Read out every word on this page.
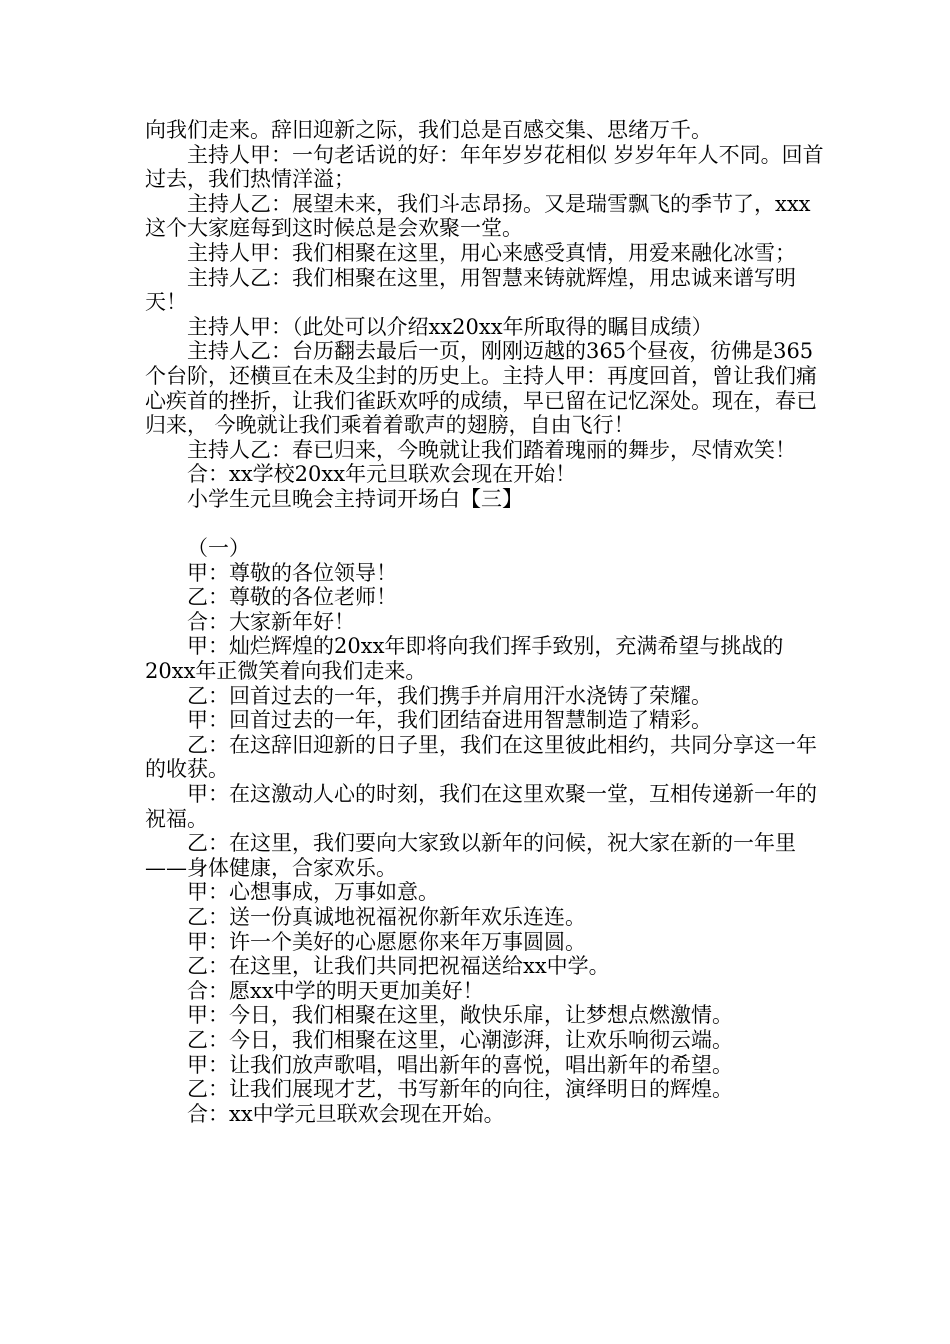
向我们走来。辞旧迎新之际，我们总是百感交集、思绪万千。

主持人甲：一句老话说的好：年年岁岁花相似 岁岁年年人不同。回首过去，我们热情洋溢；

主持人乙：展望未来，我们斗志昂扬。又是瑞雪飘飞的季节了，xxx这个大家庭每到这时候总是会欢聚一堂。

主持人甲：我们相聚在这里，用心来感受真情，用爱来融化冰雪；

主持人乙：我们相聚在这里，用智慧来铸就辉煌，用忠诚来谱写明天！

主持人甲：（此处可以介绍xx20xx年所取得的瞩目成绩）

主持人乙：台历翻去最后一页，刚刚迈越的365个昼夜，彷佛是365个台阶，还横亘在未及尘封的历史上。主持人甲：再度回首，曾让我们痛心疾首的挫折，让我们雀跃欢呼的成绩，早已留在记忆深处。现在，春已归来， 今晚就让我们乘着着歌声的翅膀，自由飞行！

主持人乙：春已归来，今晚就让我们踏着瑰丽的舞步，尽情欢笑！

合：xx学校20xx年元旦联欢会现在开始！

小学生元旦晚会主持词开场白【三】

（一）

甲：尊敬的各位领导！

乙：尊敬的各位老师！

合：大家新年好！

甲：灿烂辉煌的20xx年即将向我们挥手致别，充满希望与挑战的20xx年正微笑着向我们走来。

乙：回首过去的一年，我们携手并肩用汗水浇铸了荣耀。

甲：回首过去的一年，我们团结奋进用智慧制造了精彩。

乙：在这辞旧迎新的日子里，我们在这里彼此相约，共同分享这一年的收获。

甲：在这激动人心的时刻，我们在这里欢聚一堂，互相传递新一年的祝福。

乙：在这里，我们要向大家致以新年的问候，祝大家在新的一年里——身体健康，合家欢乐。

甲：心想事成，万事如意。

乙：送一份真诚地祝福祝你新年欢乐连连。

甲：许一个美好的心愿愿你来年万事圆圆。

乙：在这里，让我们共同把祝福送给xx中学。

合：愿xx中学的明天更加美好！

甲：今日，我们相聚在这里，敞快乐扉，让梦想点燃激情。

乙：今日，我们相聚在这里，心潮澎湃，让欢乐响彻云端。

甲：让我们放声歌唱，唱出新年的喜悦，唱出新年的希望。

乙：让我们展现才艺，书写新年的向往，演绎明日的辉煌。

合：xx中学元旦联欢会现在开始。
